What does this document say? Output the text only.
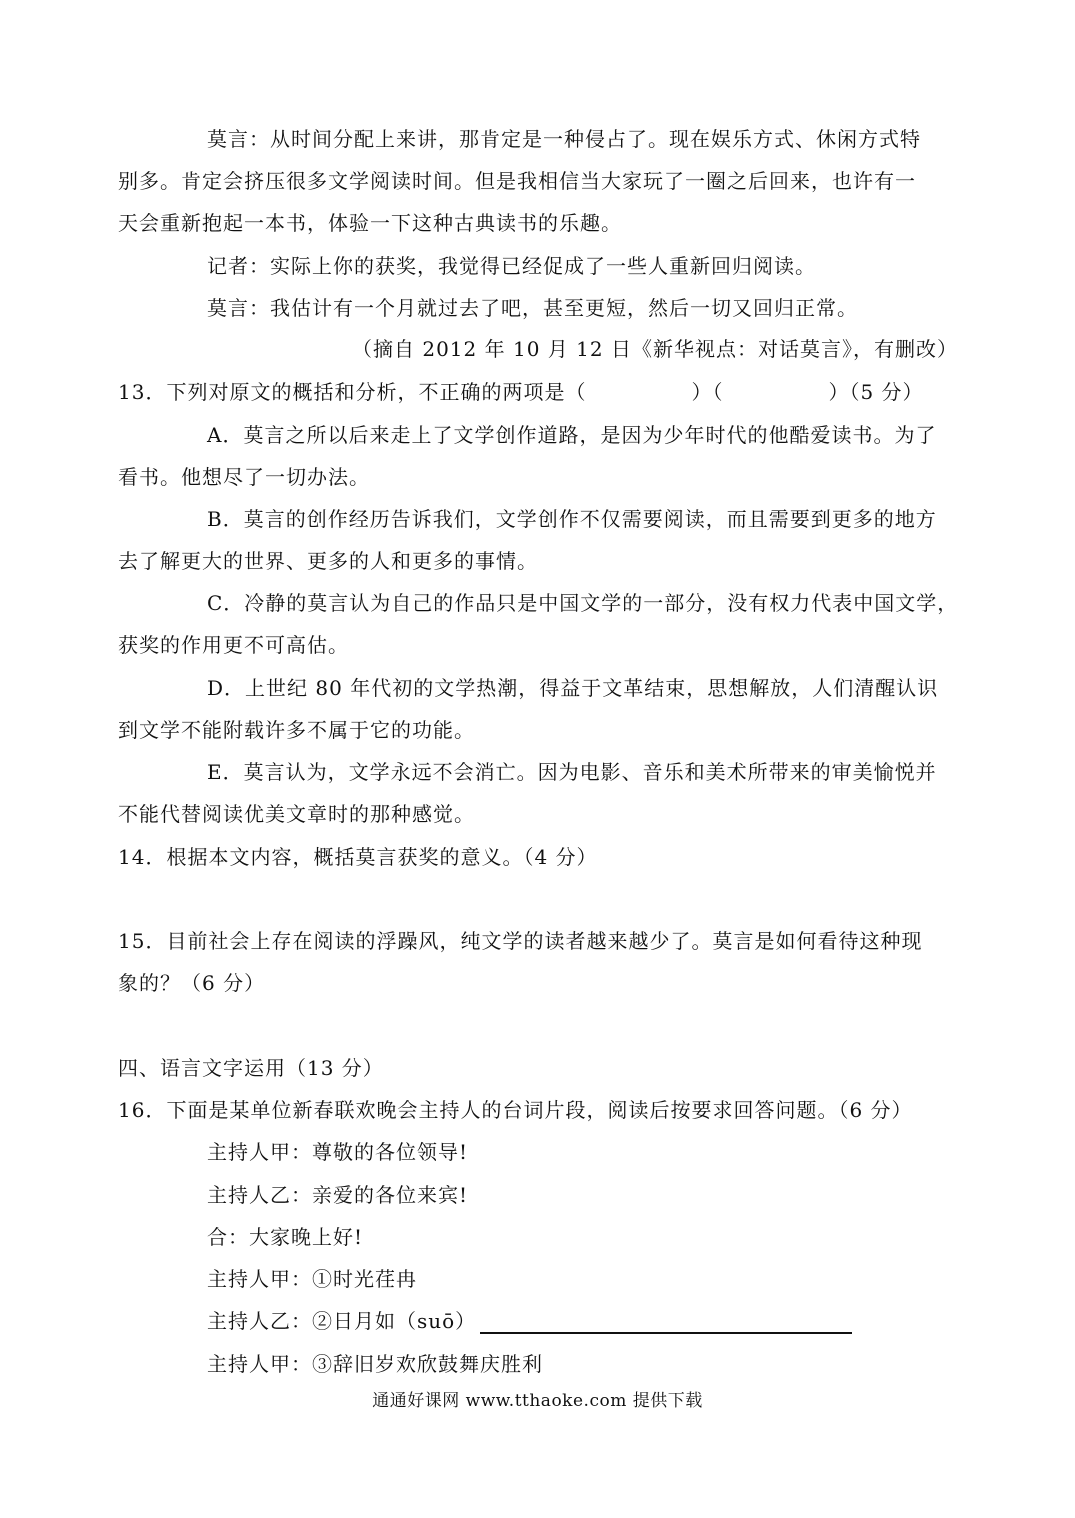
莫言：从时间分配上来讲，那肯定是一种侵占了。现在娱乐方式、休闲方式特
别多。肯定会挤压很多文学阅读时间。但是我相信当大家玩了一圈之后回来，也许有一
天会重新抱起一本书，体验一下这种古典读书的乐趣。
记者：实际上你的获奖，我觉得已经促成了一些人重新回归阅读。
莫言：我估计有一个月就过去了吧，甚至更短，然后一切又回归正常。
（摘自 2012 年 10 月 12 日《新华视点：对话莫言》，有删改）
13．下列对原文的概括和分析，不正确的两项是（　　　　　）（　　　　　）（5 分）
A．莫言之所以后来走上了文学创作道路，是因为少年时代的他酷爱读书。为了
看书。他想尽了一切办法。
B．莫言的创作经历告诉我们，文学创作不仅需要阅读，而且需要到更多的地方
去了解更大的世界、更多的人和更多的事情。
C．冷静的莫言认为自己的作品只是中国文学的一部分，没有权力代表中国文学，
获奖的作用更不可高估。
D．上世纪 80 年代初的文学热潮，得益于文革结束，思想解放，人们清醒认识
到文学不能附载许多不属于它的功能。
E．莫言认为，文学永远不会消亡。因为电影、音乐和美术所带来的审美愉悦并
不能代替阅读优美文章时的那种感觉。
14．根据本文内容，概括莫言获奖的意义。（4 分）
15．目前社会上存在阅读的浮躁风，纯文学的读者越来越少了。莫言是如何看待这种现
象的？（6 分）
四、语言文字运用（13 分）
16．下面是某单位新春联欢晚会主持人的台词片段，阅读后按要求回答问题。（6 分）
主持人甲：尊敬的各位领导!
主持人乙：亲爱的各位来宾!
合：大家晚上好!
主持人甲：①时光荏冉
主持人乙：②日月如（suō）
主持人甲：③辞旧岁欢欣鼓舞庆胜利
通通好课网 www.tthaoke.com 提供下载
